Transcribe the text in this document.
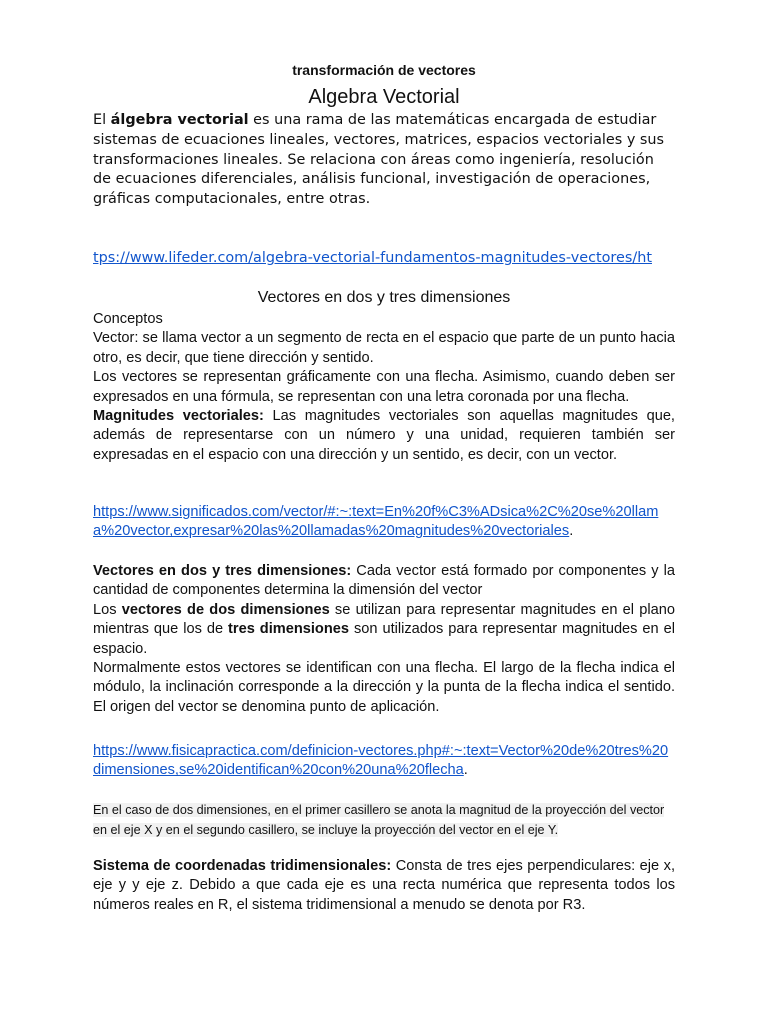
transformación de vectores
Algebra Vectorial

El álgebra vectorial es una rama de las matemáticas encargada de estudiar sistemas de ecuaciones lineales, vectores, matrices, espacios vectoriales y sus transformaciones lineales. Se relaciona con áreas como ingeniería, resolución de ecuaciones diferenciales, análisis funcional, investigación de operaciones, gráficas computacionales, entre otras.

tps://www.lifeder.com/algebra-vectorial-fundamentos-magnitudes-vectores/ht
Vectores en dos y tres dimensiones

Conceptos

Vector: se llama vector a un segmento de recta en el espacio que parte de un punto hacia otro, es decir, que tiene dirección y sentido.

Los vectores se representan gráficamente con una flecha. Asimismo, cuando deben ser expresados en una fórmula, se representan con una letra coronada por una flecha.

Magnitudes vectoriales: Las magnitudes vectoriales son aquellas magnitudes que, además de representarse con un número y una unidad, requieren también ser expresadas en el espacio con una dirección y un sentido, es decir, con un vector.

https://www.significados.com/vector/#:~:text=En%20f%C3%ADsica%2C%20se%20llama%20vector,expresar%20las%20llamadas%20magnitudes%20vectoriales.

Vectores en dos y tres dimensiones: Cada vector está formado por componentes y la cantidad de componentes determina la dimensión del vector

Los vectores de dos dimensiones se utilizan para representar magnitudes en el plano mientras que los de tres dimensiones son utilizados para representar magnitudes en el espacio.

Normalmente estos vectores se identifican con una flecha. El largo de la flecha indica el módulo, la inclinación corresponde a la dirección y la punta de la flecha indica el sentido. El origen del vector se denomina punto de aplicación.

https://www.fisicapractica.com/definicion-vectores.php#:~:text=Vector%20de%20tres%20dimensiones,se%20identifican%20con%20una%20flecha.

En el caso de dos dimensiones, en el primer casillero se anota la magnitud de la proyección del vector en el eje X y en el segundo casillero, se incluye la proyección del vector en el eje Y.

Sistema de coordenadas tridimensionales: Consta de tres ejes perpendiculares: eje x, eje y y eje z. Debido a que cada eje es una recta numérica que representa todos los números reales en R, el sistema tridimensional a menudo se denota por R3.
